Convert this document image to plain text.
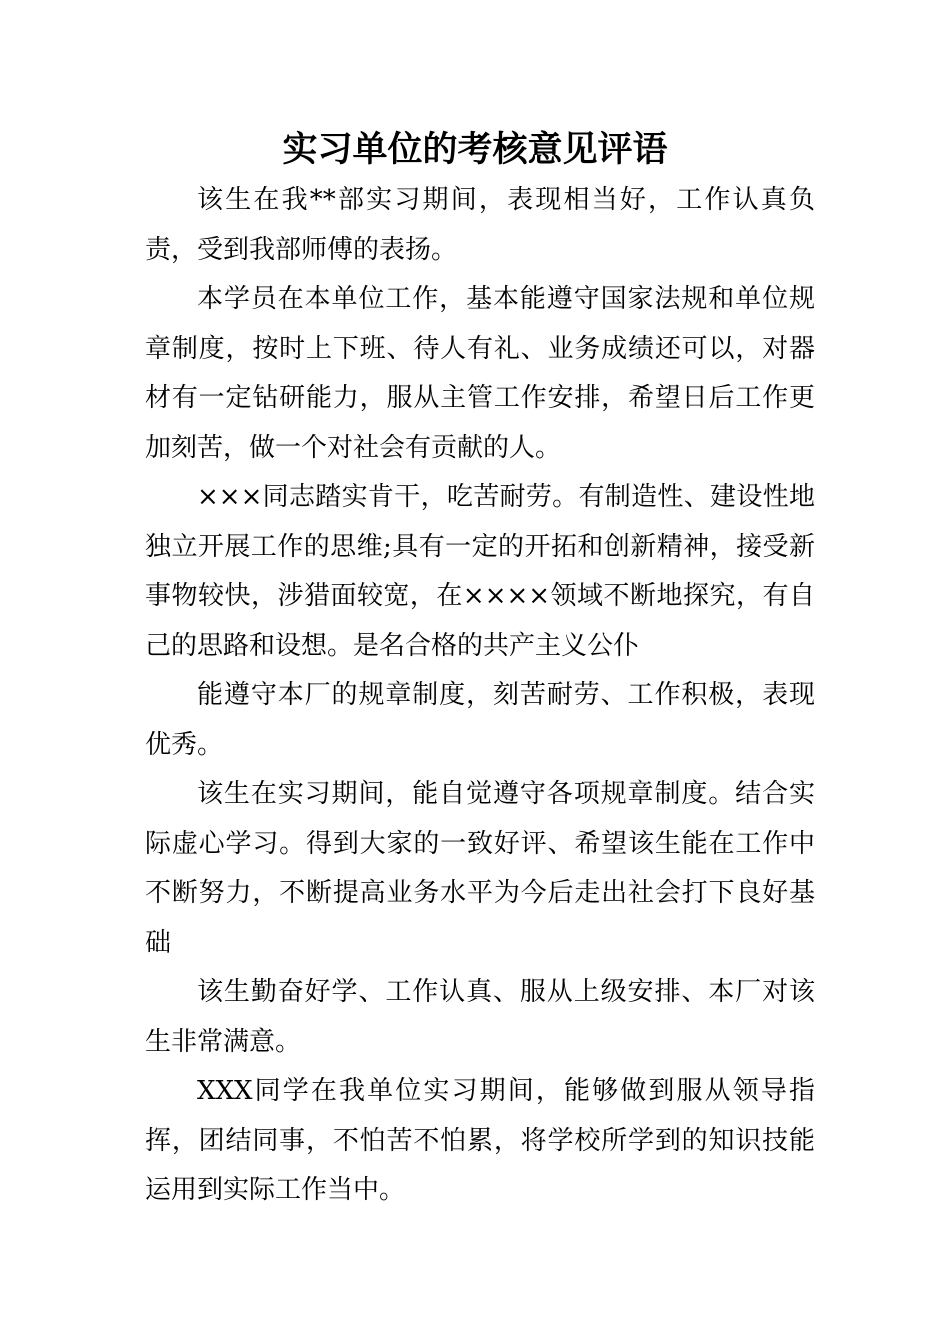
实习单位的考核意见评语

该生在我**部实习期间，表现相当好，工作认真负责，受到我部师傅的表扬。

本学员在本单位工作，基本能遵守国家法规和单位规章制度，按时上下班、待人有礼、业务成绩还可以，对器材有一定钻研能力，服从主管工作安排，希望日后工作更加刻苦，做一个对社会有贡献的人。

×××同志踏实肯干，吃苦耐劳。有制造性、建设性地独立开展工作的思维;具有一定的开拓和创新精神，接受新事物较快，涉猎面较宽，在××××领域不断地探究，有自己的思路和设想。是名合格的共产主义公仆

能遵守本厂的规章制度，刻苦耐劳、工作积极，表现优秀。

该生在实习期间，能自觉遵守各项规章制度。结合实际虚心学习。得到大家的一致好评、希望该生能在工作中不断努力，不断提高业务水平为今后走出社会打下良好基础

该生勤奋好学、工作认真、服从上级安排、本厂对该生非常满意。

XXX同学在我单位实习期间，能够做到服从领导指挥，团结同事，不怕苦不怕累，将学校所学到的知识技能运用到实际工作当中。
